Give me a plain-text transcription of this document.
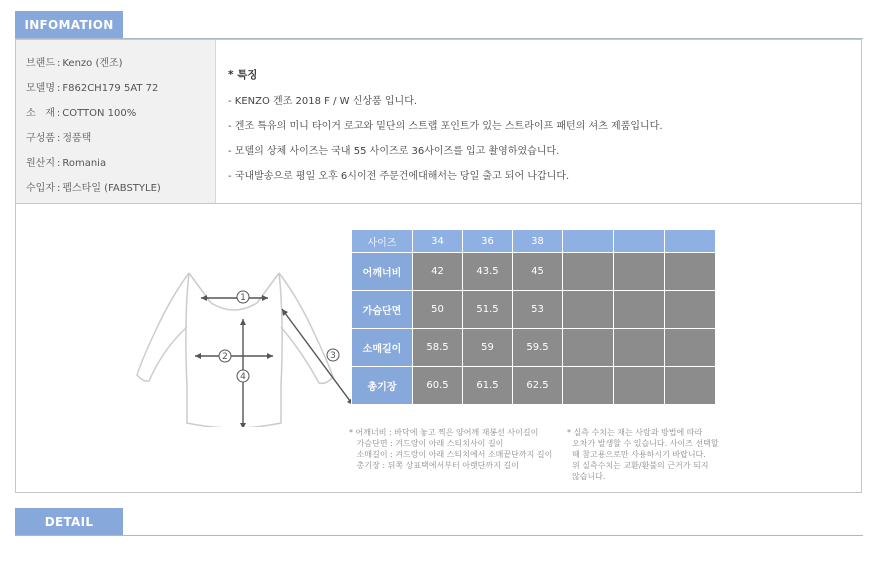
INFOMATION
브랜드 : Kenzo (겐조)
모델명 : F862CH179 5AT 72
소   재 : COTTON 100%
구성품 : 정품택
원산지 : Romania
수입자 : 펩스타일 (FABSTYLE)
* 특징
- KENZO 겐조 2018 F / W 신상품 입니다.
- 겐조 특유의 미니 타이거 로고와 밑단의 스트랩 포인트가 있는 스트라이프 패턴의 셔츠 제품입니다.
- 모델의 상체 사이즈는 국내 55 사이즈로 36사이즈를 입고 촬영하였습니다.
- 국내발송으로 평일 오후 6시이전 주문건에대해서는 당일 출고 되어 나갑니다.
1
2	3
4
사이즈	34	36	38			
어깨너비	42	43.5	45			
가슴단면	50	51.5	53			
소매길이	58.5	59	59.5			
총기장	60.5	61.5	62.5			
* 어깨너비 : 바닥에 놓고 찍은 양어깨 재봉선 사이길이
가슴단면 : 겨드랑이 아래 스티치사이 길이
소매길이 : 겨드랑이 아래 스티치에서 소매끝단까지 길이
총기장 : 뒤쪽 상표택에서부터 아랫단까지 길이
* 실측 수치는 재는 사람과 방법에 따라
오차가 발생할 수 있습니다. 사이즈 선택할
때 참고용으로만 사용하시기 바랍니다.
위 실측수치는 교환/환불의 근거가 되지
않습니다.
DETAIL
